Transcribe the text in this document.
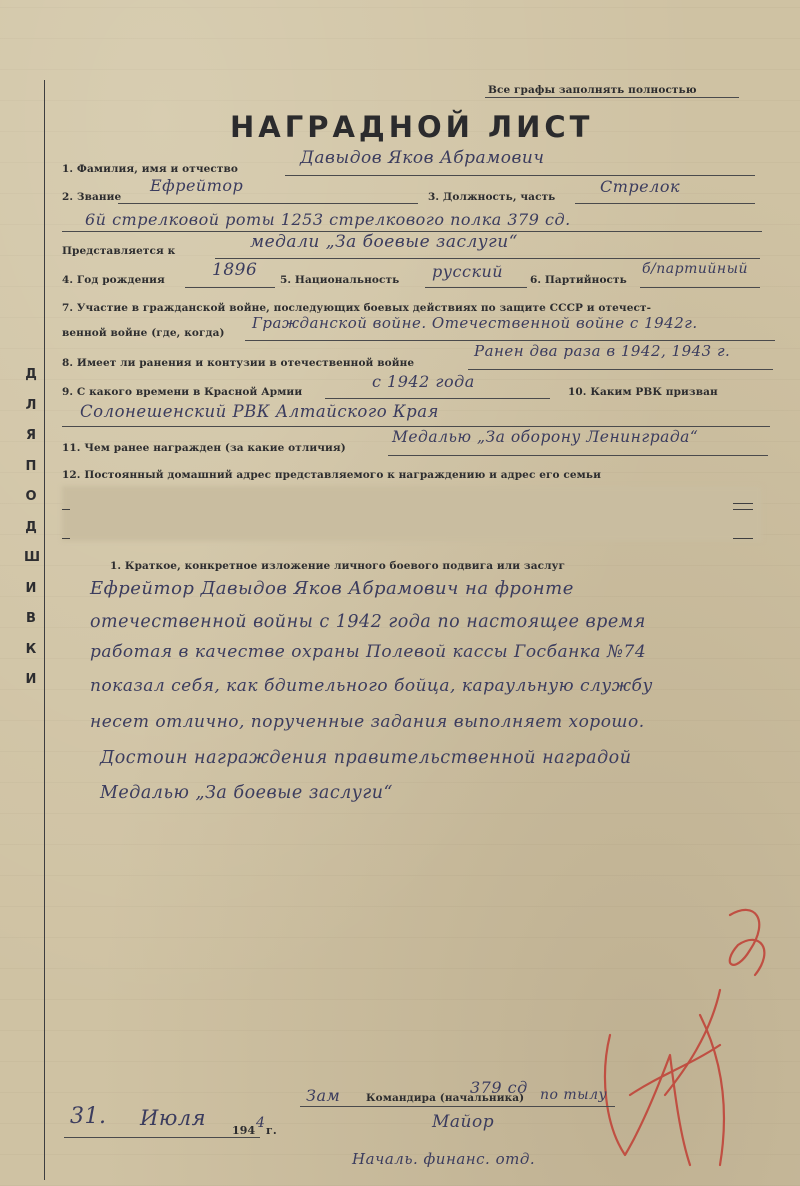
ДЛЯ ПОДШИВКИ
Все графы заполнять полностью
НАГРАДНОЙ ЛИСТ
1. Фамилия, имя и отчество
Давыдов Яков Абрамович
2. Звание
Ефрейтор
3. Должность, часть
Стрелок
6й стрелковой роты 1253 стрелкового полка 379 сд.
Представляется к	медали „За боевые заслуги“
4. Год рождения	1896 5. Национальность русский	6. Партийность
б/партийный
7. Участие в гражданской войне, последующих боевых действиях по защите СССР и отечест-
венной войне (где, когда)
Гражданской войне. Отечественной войне с 1942г.
8. Имеет ли ранения и контузии в отечественной войне
Ранен два раза в 1942, 1943 г.
9. С какого времени в Красной Армии
с 1942 года
10. Каким РВК призван
Солонешенский РВК Алтайского Края
11. Чем ранее награжден (за какие отличия)
Медалью „За оборону Ленинграда“
12. Постоянный домашний адрес представляемого к награждению и адрес его семьи
1. Краткое, конкретное изложение личного боевого подвига или заслуг
Ефрейтор Давыдов Яков Абрамович на фронте
отечественной войны с 1942 года по настоящее время
работая в качестве охраны Полевой кассы Госбанка №74
показал себя, как бдительного бойца, караульную службу
несет отлично, порученные задания выполняет хорошо.
Достоин награждения правительственной наградой
Медалью „За боевые заслуги“
Зам Командира (начальника)
379 сд по тылу
Майор
31. Июля
194 4 г.
Началь. финанс. отд.
